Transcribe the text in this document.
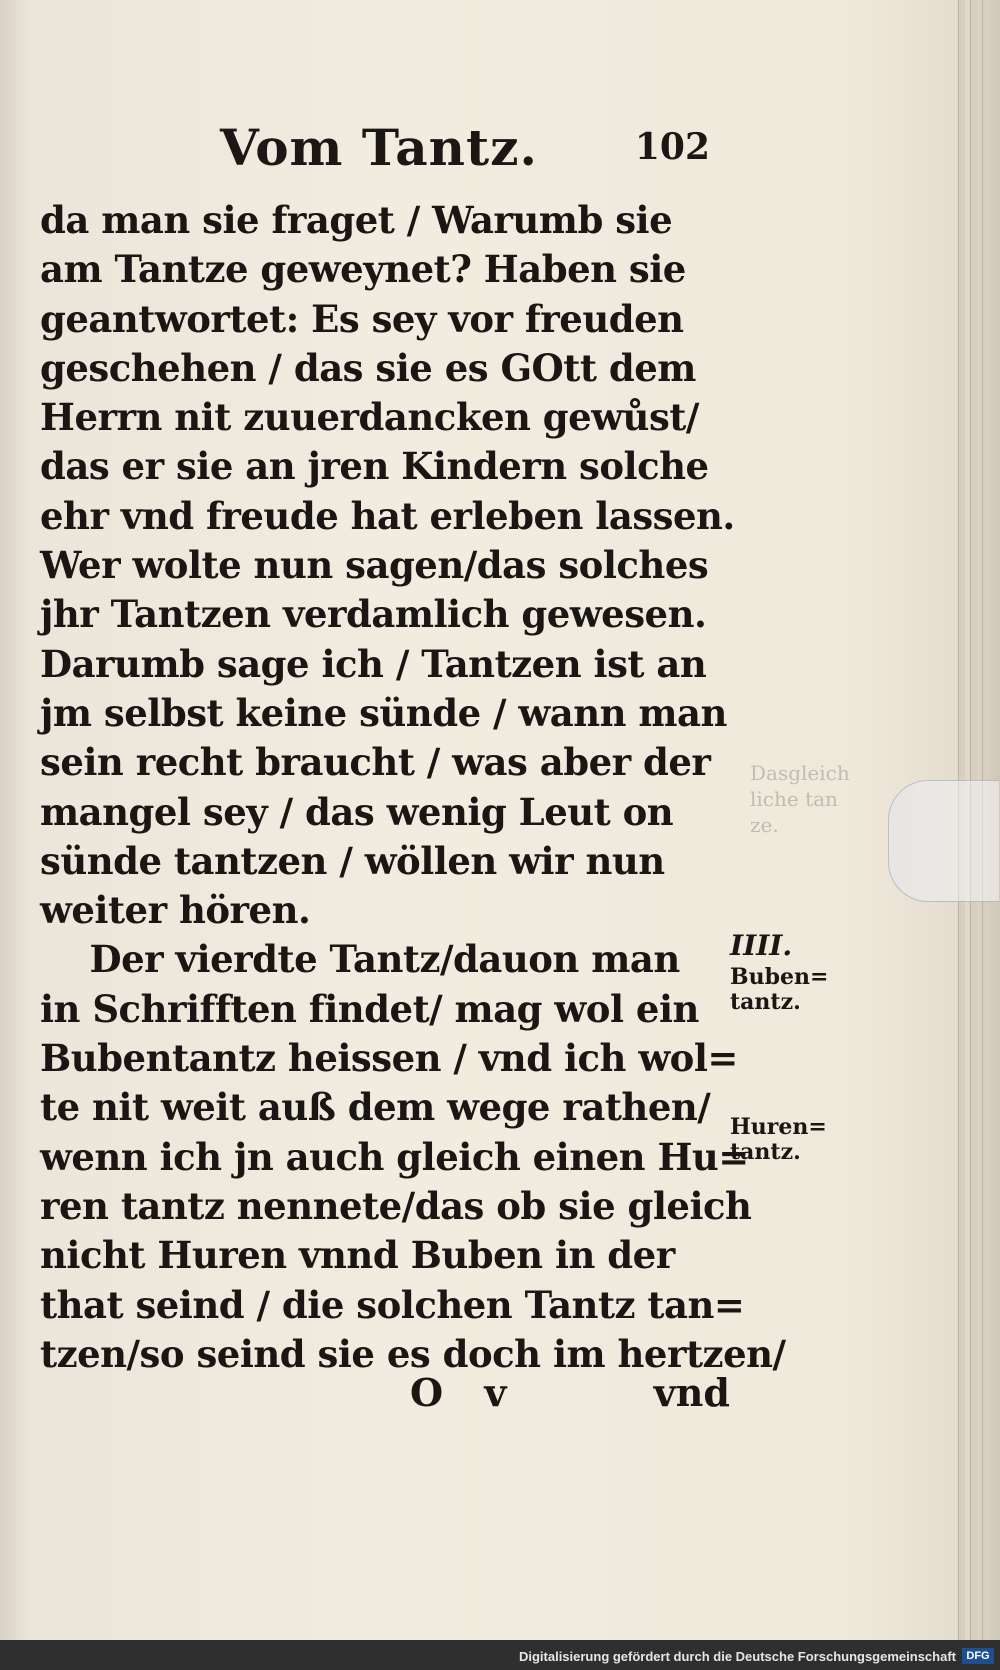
Dasgleich
liche tan
ze.
Vom Tantz.	102
da man sie fraget / Warumb sie
am Tantze geweynet? Haben sie
geantwortet: Es sey vor freuden
geschehen / das sie es GOtt dem
Herrn nit zuuerdancken gewůst/
das er sie an jren Kindern solche
ehr vnd freude hat erleben lassen.
Wer wolte nun sagen/das solches
jhr Tantzen verdamlich gewesen.
Darumb sage ich / Tantzen ist an
jm selbst keine sünde / wann man
sein recht braucht / was aber der
mangel sey / das wenig Leut on
sünde tantzen / wöllen wir nun
weiter hören.
Der vierdte Tantz/dauon man
in Schrifften findet/ mag wol ein
Bubentantz heissen / vnd ich wol=
te nit weit auß dem wege rathen/
wenn ich jn auch gleich einen Hu=
ren tantz nennete/das ob sie gleich
nicht Huren vnnd Buben in der
that seind / die solchen Tantz tan=
tzen/so seind sie es doch im hertzen/
IIII.
Buben=
tantz.
Huren=
tantz.
O v	vnd
Digitalisierung gefördert durch die Deutsche Forschungsgemeinschaft DFG
